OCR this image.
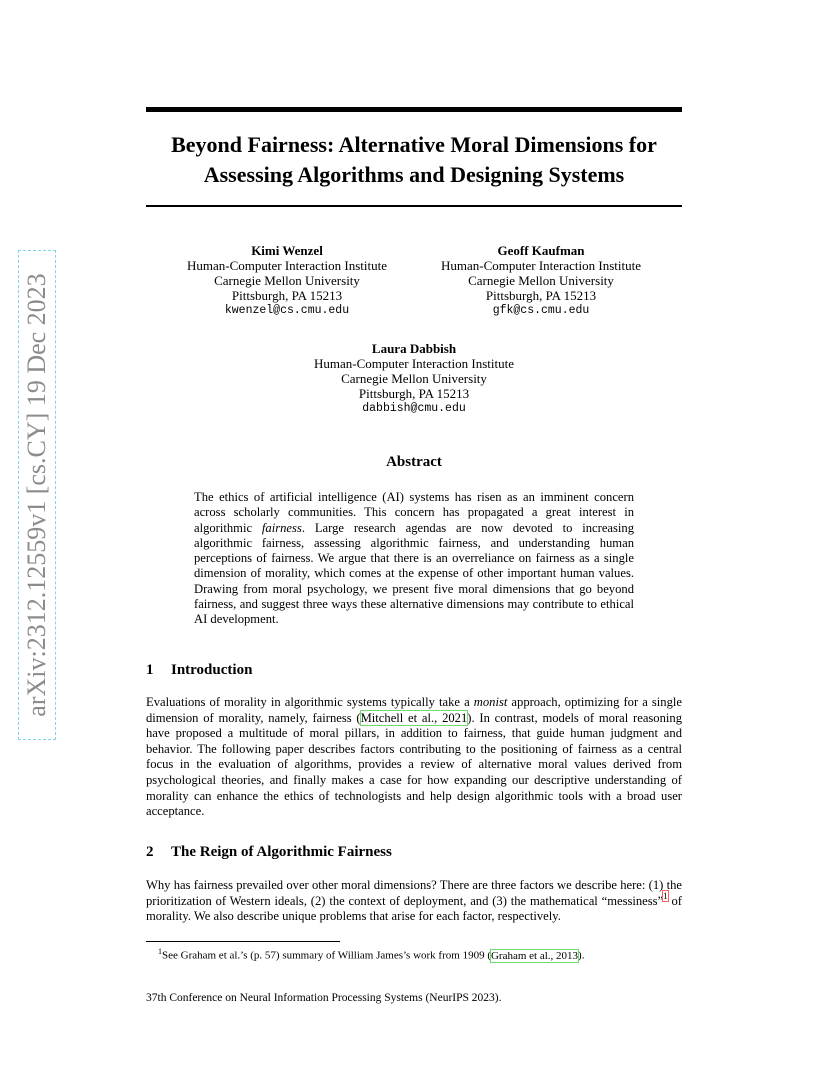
arXiv:2312.12559v1 [cs.CY] 19 Dec 2023
Beyond Fairness: Alternative Moral Dimensions for Assessing Algorithms and Designing Systems
Kimi Wenzel
Human-Computer Interaction Institute
Carnegie Mellon University
Pittsburgh, PA 15213
kwenzel@cs.cmu.edu
Geoff Kaufman
Human-Computer Interaction Institute
Carnegie Mellon University
Pittsburgh, PA 15213
gfk@cs.cmu.edu
Laura Dabbish
Human-Computer Interaction Institute
Carnegie Mellon University
Pittsburgh, PA 15213
dabbish@cmu.edu
Abstract
The ethics of artificial intelligence (AI) systems has risen as an imminent concern across scholarly communities. This concern has propagated a great interest in algorithmic fairness. Large research agendas are now devoted to increasing algorithmic fairness, assessing algorithmic fairness, and understanding human perceptions of fairness. We argue that there is an overreliance on fairness as a single dimension of morality, which comes at the expense of other important human values. Drawing from moral psychology, we present five moral dimensions that go beyond fairness, and suggest three ways these alternative dimensions may contribute to ethical AI development.
1 Introduction
Evaluations of morality in algorithmic systems typically take a monist approach, optimizing for a single dimension of morality, namely, fairness (Mitchell et al., 2021). In contrast, models of moral reasoning have proposed a multitude of moral pillars, in addition to fairness, that guide human judgment and behavior. The following paper describes factors contributing to the positioning of fairness as a central focus in the evaluation of algorithms, provides a review of alternative moral values derived from psychological theories, and finally makes a case for how expanding our descriptive understanding of morality can enhance the ethics of technologists and help design algorithmic tools with a broad user acceptance.
2 The Reign of Algorithmic Fairness
Why has fairness prevailed over other moral dimensions? There are three factors we describe here: (1) the prioritization of Western ideals, (2) the context of deployment, and (3) the mathematical “messiness”$^1$ of morality. We also describe unique problems that arise for each factor, respectively.
$^1$See Graham et al.’s (p. 57) summary of William James’s work from 1909 (Graham et al., 2013).
37th Conference on Neural Information Processing Systems (NeurIPS 2023).
